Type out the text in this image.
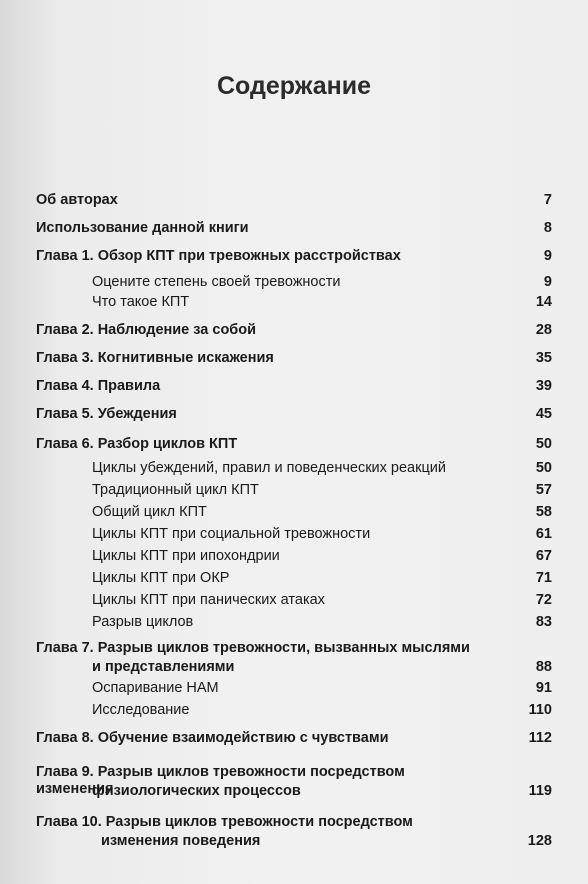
Содержание
Об авторах	7
Использование данной книги	8
Глава 1. Обзор КПТ при тревожных расстройствах	9
Оцените степень своей тревожности	9
Что такое КПТ	14
Глава 2. Наблюдение за собой	28
Глава 3. Когнитивные искажения	35
Глава 4. Правила	39
Глава 5. Убеждения	45
Глава 6. Разбор циклов КПТ	50
Циклы убеждений, правил и поведенческих реакций	50
Традиционный цикл КПТ	57
Общий цикл КПТ	58
Циклы КПТ при социальной тревожности	61
Циклы КПТ при ипохондрии	67
Циклы КПТ при ОКР	71
Циклы КПТ при панических атаках	72
Разрыв циклов	83
Глава 7. Разрыв циклов тревожности, вызванных мыслями
и представлениями	88
Оспаривание НАМ	91
Исследование	110
Глава 8. Обучение взаимодействию с чувствами	112
Глава 9. Разрыв циклов тревожности посредством изменения
физиологических процессов	119
Глава 10. Разрыв циклов тревожности посредством
изменения поведения	128
